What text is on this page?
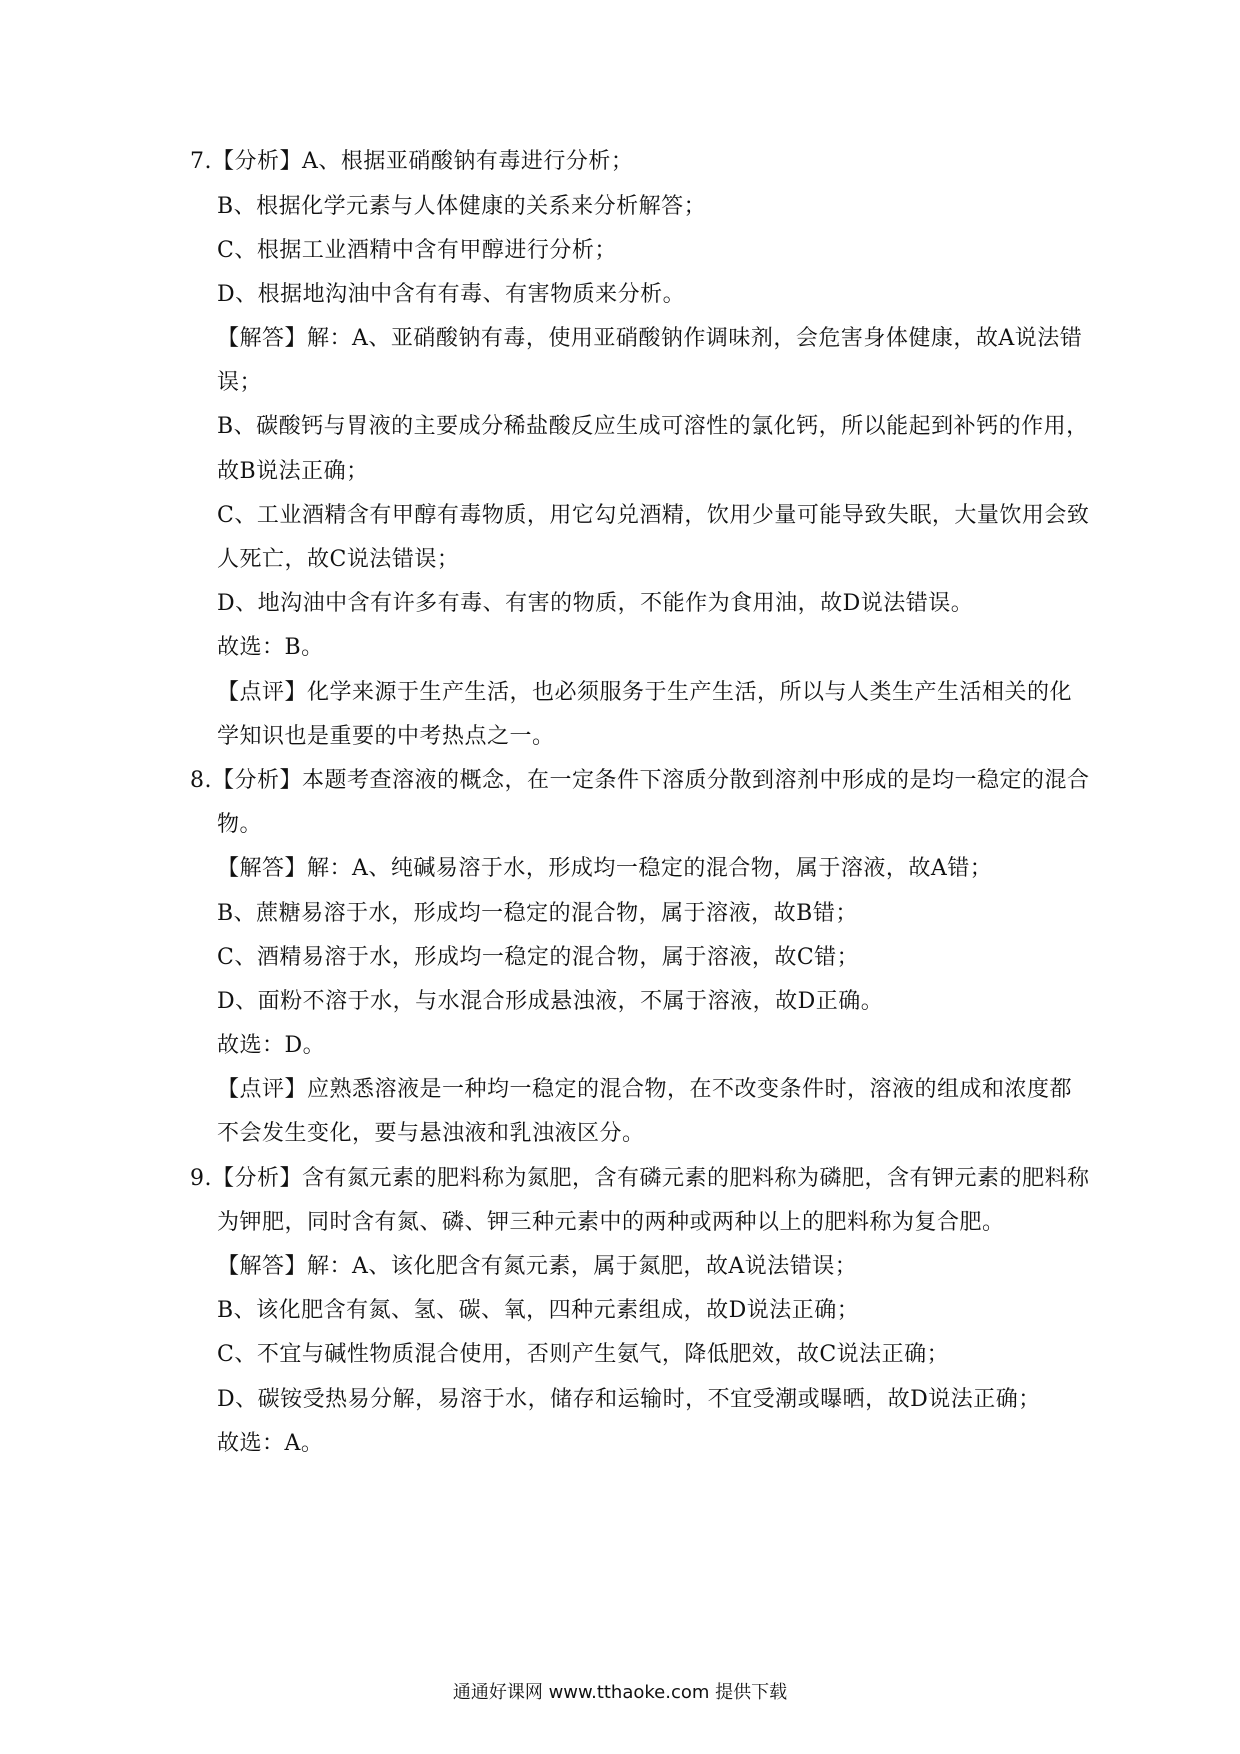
7.【分析】A、根据亚硝酸钠有毒进行分析；
B、根据化学元素与人体健康的关系来分析解答；
C、根据工业酒精中含有甲醇进行分析；
D、根据地沟油中含有有毒、有害物质来分析。
【解答】解：A、亚硝酸钠有毒，使用亚硝酸钠作调味剂，会危害身体健康，故A说法错
误；
B、碳酸钙与胃液的主要成分稀盐酸反应生成可溶性的氯化钙，所以能起到补钙的作用，
故B说法正确；
C、工业酒精含有甲醇有毒物质，用它勾兑酒精，饮用少量可能导致失眠，大量饮用会致
人死亡，故C说法错误；
D、地沟油中含有许多有毒、有害的物质，不能作为食用油，故D说法错误。
故选：B。
【点评】化学来源于生产生活，也必须服务于生产生活，所以与人类生产生活相关的化
学知识也是重要的中考热点之一。
8.【分析】本题考查溶液的概念，在一定条件下溶质分散到溶剂中形成的是均一稳定的混合
物。
【解答】解：A、纯碱易溶于水，形成均一稳定的混合物，属于溶液，故A错；
B、蔗糖易溶于水，形成均一稳定的混合物，属于溶液，故B错；
C、酒精易溶于水，形成均一稳定的混合物，属于溶液，故C错；
D、面粉不溶于水，与水混合形成悬浊液，不属于溶液，故D正确。
故选：D。
【点评】应熟悉溶液是一种均一稳定的混合物，在不改变条件时，溶液的组成和浓度都
不会发生变化，要与悬浊液和乳浊液区分。
9.【分析】含有氮元素的肥料称为氮肥，含有磷元素的肥料称为磷肥，含有钾元素的肥料称
为钾肥，同时含有氮、磷、钾三种元素中的两种或两种以上的肥料称为复合肥。
【解答】解：A、该化肥含有氮元素，属于氮肥，故A说法错误；
B、该化肥含有氮、氢、碳、氧，四种元素组成，故D说法正确；
C、不宜与碱性物质混合使用，否则产生氨气，降低肥效，故C说法正确；
D、碳铵受热易分解，易溶于水，储存和运输时，不宜受潮或曝晒，故D说法正确；
故选：A。
通通好课网 www.tthaoke.com 提供下载
